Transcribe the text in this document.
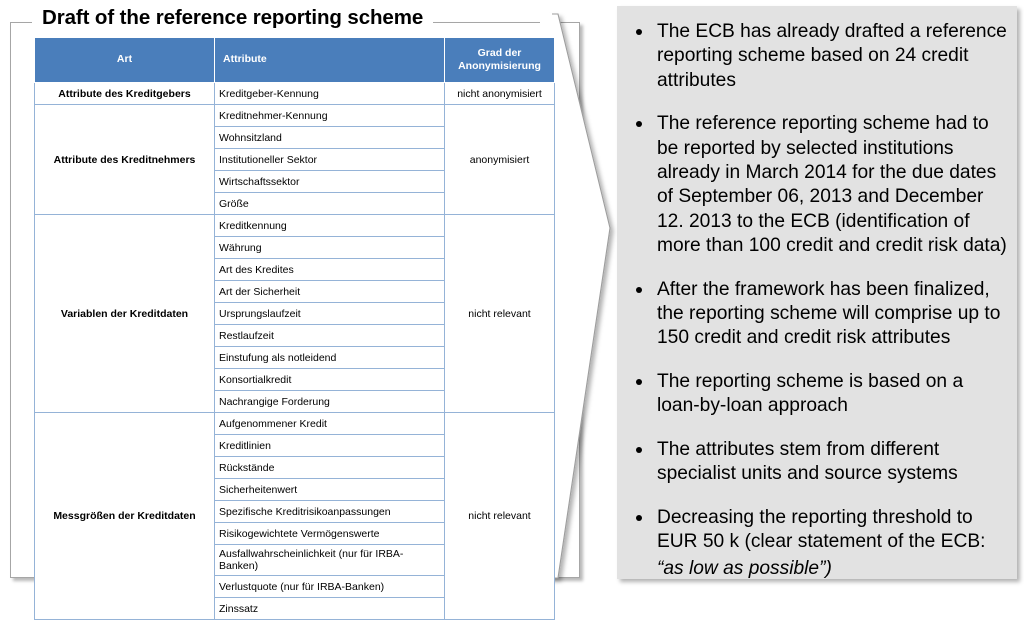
Draft of the reference reporting scheme
Art	Attribute	Grad der Anonymisierung
Attribute des Kreditgebers	Kreditgeber-Kennung	nicht anonymisiert
Attribute des Kreditnehmers	Kreditnehmer-Kennung	anonymisiert
	Wohnsitzland	
	Institutioneller Sektor	
	Wirtschaftssektor	
	Größe	
Variablen der Kreditdaten	Kreditkennung	nicht relevant
	Währung	
	Art des Kredites	
	Art der Sicherheit	
	Ursprungslaufzeit	
	Restlaufzeit	
	Einstufung als notleidend	
	Konsortialkredit	
	Nachrangige Forderung	
Messgrößen der Kreditdaten	Aufgenommener Kredit	nicht relevant
	Kreditlinien	
	Rückstände	
	Sicherheitenwert	
	Spezifische Kreditrisikoanpassungen	
	Risikogewichtete Vermögenswerte	
	Ausfallwahrscheinlichkeit (nur für IRBA-Banken)	
	Verlustquote (nur für IRBA-Banken)	
	Zinssatz	
The ECB has already drafted a reference reporting scheme based on 24 credit attributes
The reference reporting scheme had to be reported by selected institutions already in March 2014 for the due dates of September 06, 2013 and December 12. 2013 to the ECB (identification of more than 100 credit and credit risk data)
After the framework has been finalized, the reporting scheme will comprise up to 150 credit and credit risk attributes
The reporting scheme is based on a loan-by-loan approach
The attributes stem from different specialist units and source systems
Decreasing the reporting threshold to EUR 50 k (clear statement of the ECB:
“as low as possible”)
